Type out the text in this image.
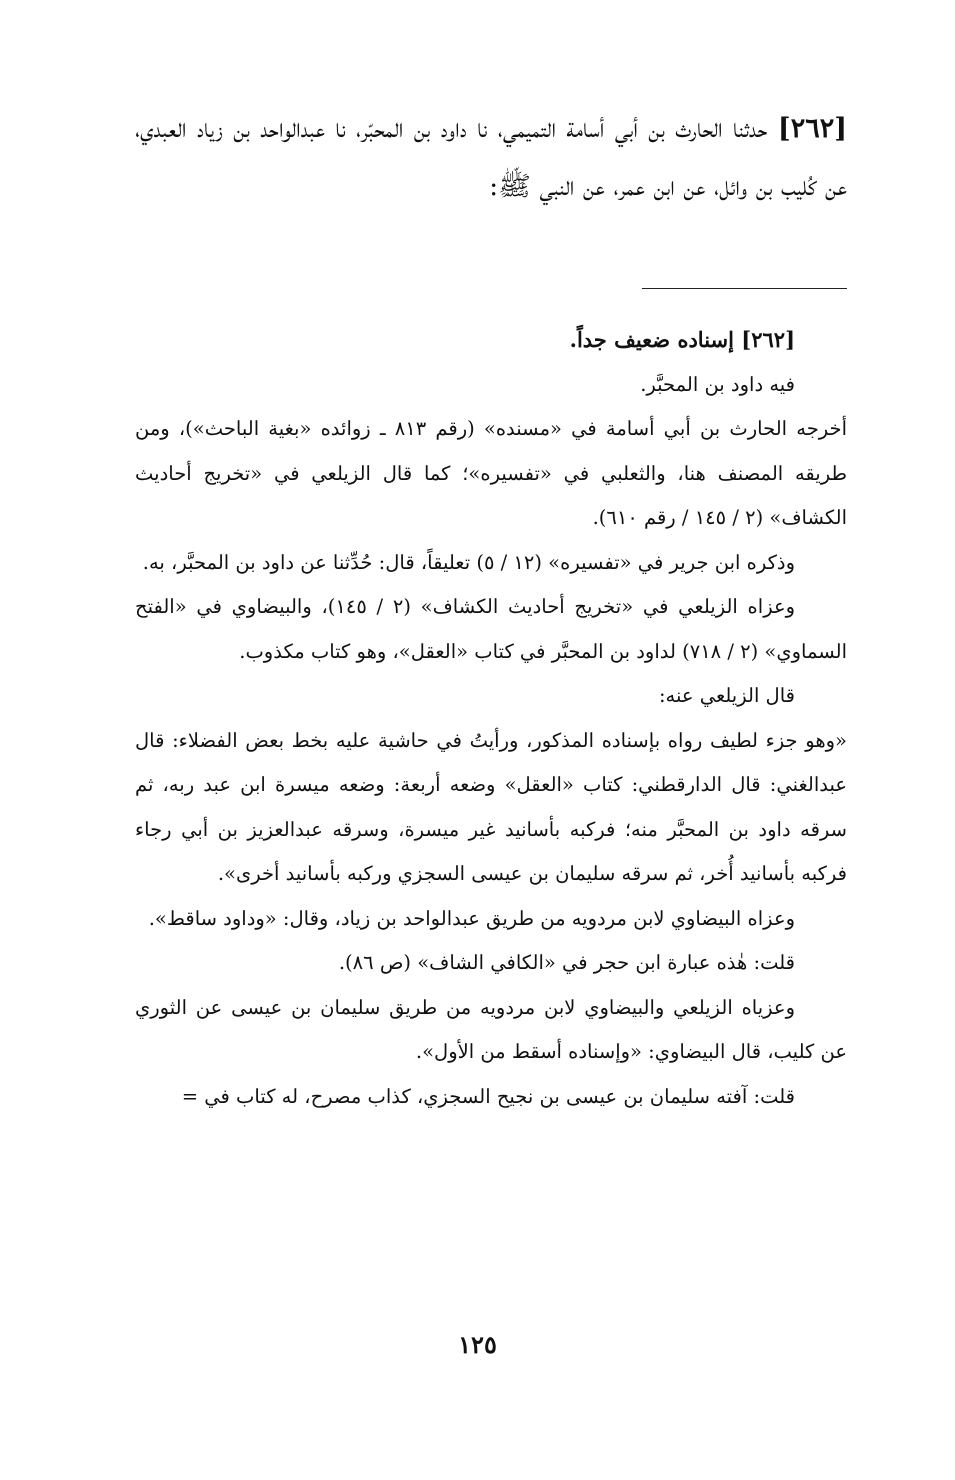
[٢٦٢] حدثنا الحارث بن أبي أسامة التميمي، نا داود بن المحبّر، نا عبدالواحد بن زياد العبدي، عن كُليب بن وائل، عن ابن عمر، عن النبي ﷺ:

[٢٦٢] إسناده ضعيف جداً.

فيه داود بن المحبَّر.

أخرجه الحارث بن أبي أسامة في «مسنده» (رقم ٨١٣ ـ زوائده «بغية الباحث»)، ومن طريقه المصنف هنا، والثعلبي في «تفسيره»؛ كما قال الزيلعي في «تخريج أحاديث الكشاف» (٢ / ١٤٥ / رقم ٦١٠).

وذكره ابن جرير في «تفسيره» (١٢ / ٥) تعليقاً، قال: حُدِّثنا عن داود بن المحبَّر، به.

وعزاه الزيلعي في «تخريج أحاديث الكشاف» (٢ / ١٤٥)، والبيضاوي في «الفتح السماوي» (٢ / ٧١٨) لداود بن المحبَّر في كتاب «العقل»، وهو كتاب مكذوب.

قال الزيلعي عنه:

«وهو جزء لطيف رواه بإسناده المذكور، ورأيتُ في حاشية عليه بخط بعض الفضلاء: قال عبدالغني: قال الدارقطني: كتاب «العقل» وضعه أربعة: وضعه ميسرة ابن عبد ربه، ثم سرقه داود بن المحبَّر منه؛ فركبه بأسانيد غير ميسرة، وسرقه عبدالعزيز بن أبي رجاء فركبه بأسانيد أُخر، ثم سرقه سليمان بن عيسى السجزي وركبه بأسانيد أخرى».

وعزاه البيضاوي لابن مردويه من طريق عبدالواحد بن زياد، وقال: «وداود ساقط».

قلت: هٰذه عبارة ابن حجر في «الكافي الشاف» (ص ٨٦).

وعزياه الزيلعي والبيضاوي لابن مردويه من طريق سليمان بن عيسى عن الثوري عن كليب، قال البيضاوي: «وإسناده أسقط من الأول».

قلت: آفته سليمان بن عيسى بن نجيح السجزي، كذاب مصرح، له كتاب في =

١٢٥
